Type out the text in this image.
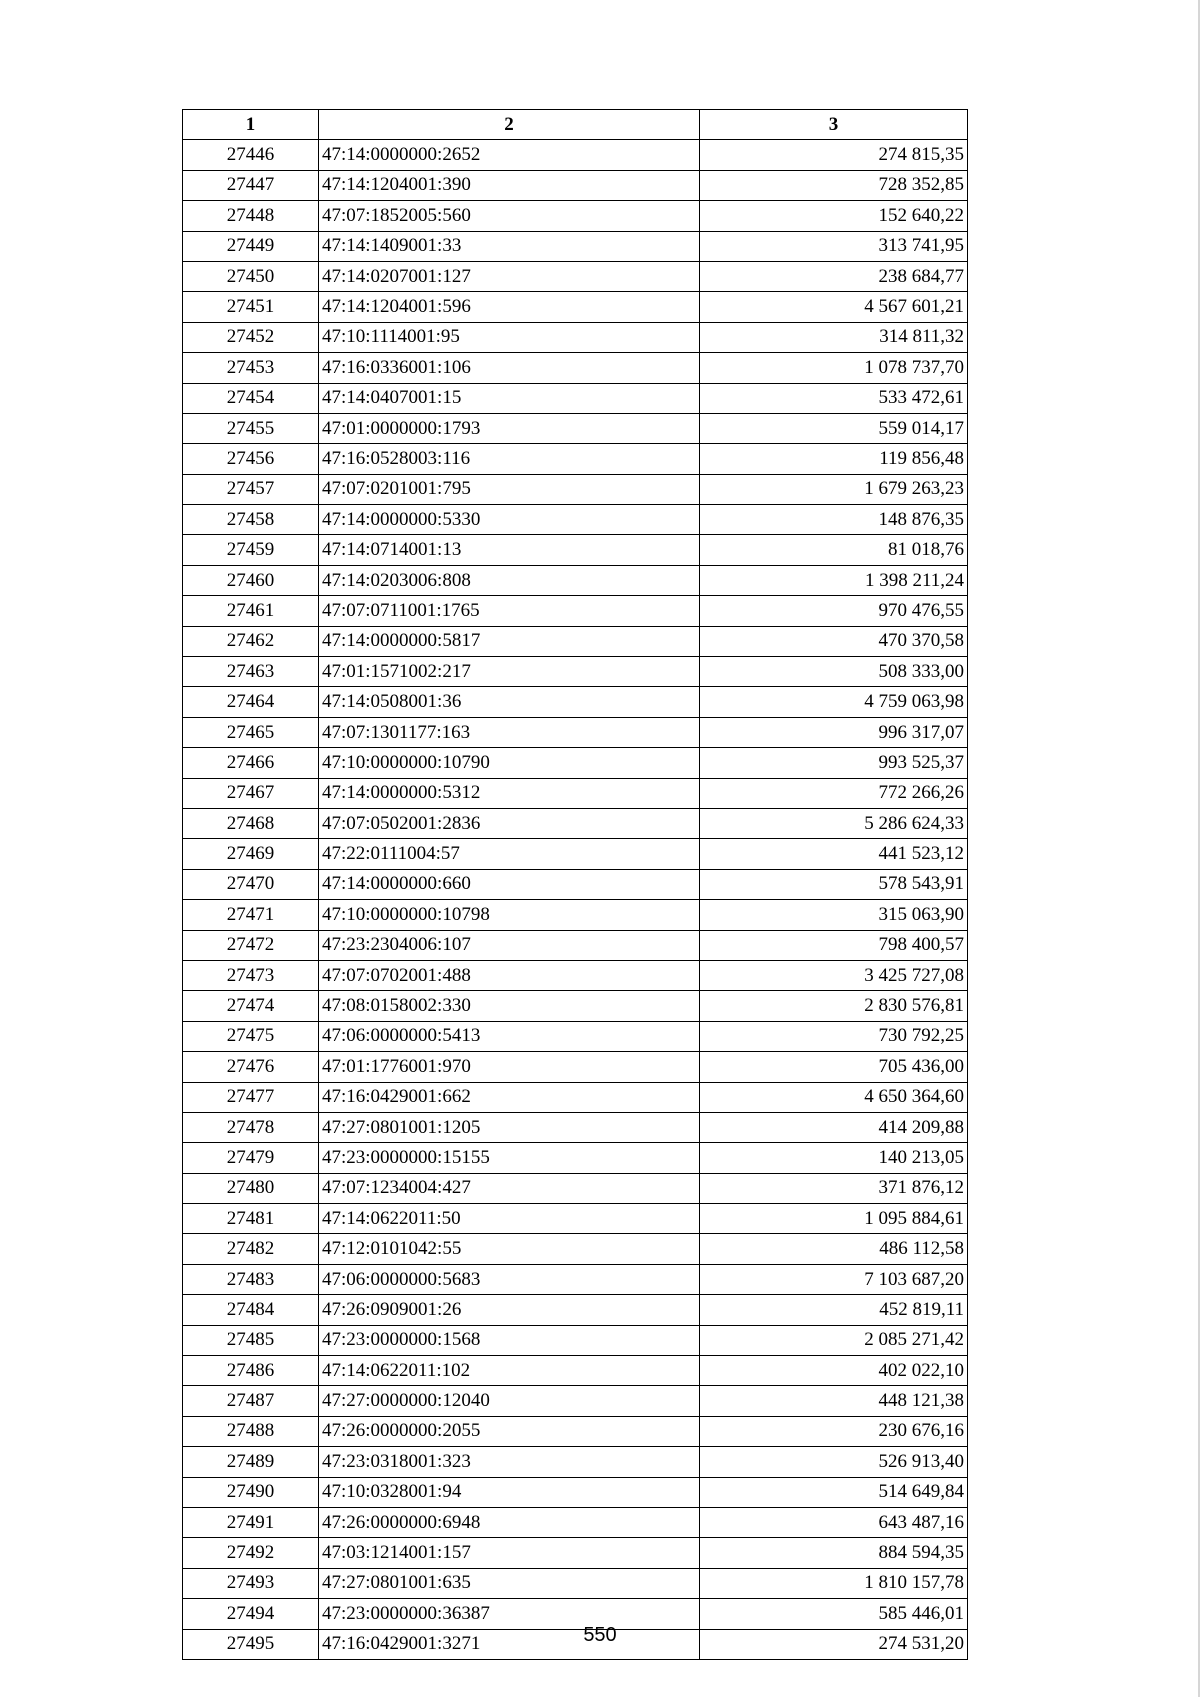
1	2	3
27446	47:14:0000000:2652	274 815,35
27447	47:14:1204001:390	728 352,85
27448	47:07:1852005:560	152 640,22
27449	47:14:1409001:33	313 741,95
27450	47:14:0207001:127	238 684,77
27451	47:14:1204001:596	4 567 601,21
27452	47:10:1114001:95	314 811,32
27453	47:16:0336001:106	1 078 737,70
27454	47:14:0407001:15	533 472,61
27455	47:01:0000000:1793	559 014,17
27456	47:16:0528003:116	119 856,48
27457	47:07:0201001:795	1 679 263,23
27458	47:14:0000000:5330	148 876,35
27459	47:14:0714001:13	81 018,76
27460	47:14:0203006:808	1 398 211,24
27461	47:07:0711001:1765	970 476,55
27462	47:14:0000000:5817	470 370,58
27463	47:01:1571002:217	508 333,00
27464	47:14:0508001:36	4 759 063,98
27465	47:07:1301177:163	996 317,07
27466	47:10:0000000:10790	993 525,37
27467	47:14:0000000:5312	772 266,26
27468	47:07:0502001:2836	5 286 624,33
27469	47:22:0111004:57	441 523,12
27470	47:14:0000000:660	578 543,91
27471	47:10:0000000:10798	315 063,90
27472	47:23:2304006:107	798 400,57
27473	47:07:0702001:488	3 425 727,08
27474	47:08:0158002:330	2 830 576,81
27475	47:06:0000000:5413	730 792,25
27476	47:01:1776001:970	705 436,00
27477	47:16:0429001:662	4 650 364,60
27478	47:27:0801001:1205	414 209,88
27479	47:23:0000000:15155	140 213,05
27480	47:07:1234004:427	371 876,12
27481	47:14:0622011:50	1 095 884,61
27482	47:12:0101042:55	486 112,58
27483	47:06:0000000:5683	7 103 687,20
27484	47:26:0909001:26	452 819,11
27485	47:23:0000000:1568	2 085 271,42
27486	47:14:0622011:102	402 022,10
27487	47:27:0000000:12040	448 121,38
27488	47:26:0000000:2055	230 676,16
27489	47:23:0318001:323	526 913,40
27490	47:10:0328001:94	514 649,84
27491	47:26:0000000:6948	643 487,16
27492	47:03:1214001:157	884 594,35
27493	47:27:0801001:635	1 810 157,78
27494	47:23:0000000:36387	585 446,01
27495	47:16:0429001:3271	274 531,20
550
